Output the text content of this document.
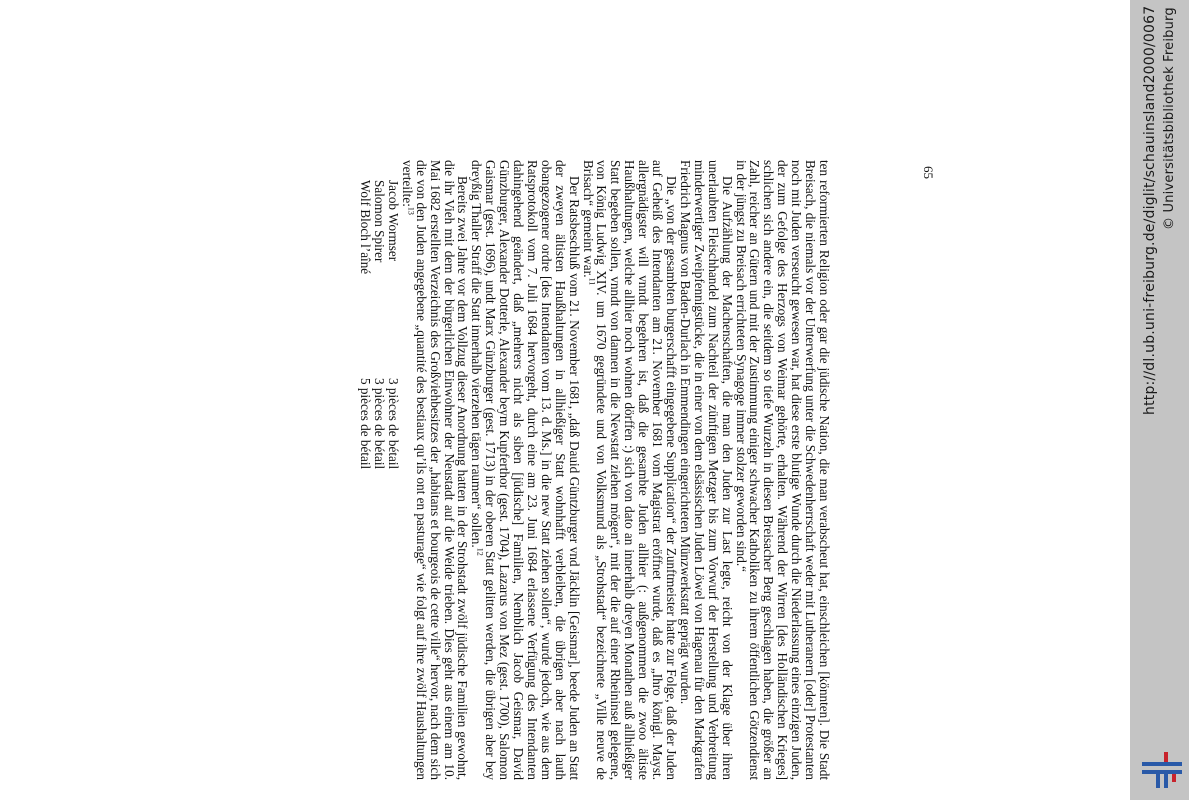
ten reformierten Religion oder gar die jüdische Nation, die man verabscheut hat, einschleichen [könnten]. Die Stadt Breisach, die niemals vor der Unterwerfung unter die Schwedenherrschaft weder mit Lutheranern [oder] Protestanten noch mit Juden verseucht gewesen war, hat diese erste blutige Wunde durch die Niederlassung eines einzigen Juden, der zum Gefolge des Herzogs von Weimar gehörte, erhalten. Während der Wirren [des Holländischen Krieges] schlichen sich andere ein, die seitdem so tiefe Wurzeln in diesen Breisacher Berg geschlagen haben, die größer an Zahl, reicher an Gütern und mit der Zustimmung einiger schwacher Katholiken zu ihrem öffentlichen Götzendienst in der jüngst zu Breisach errichteten Synagoge immer stolzer geworden sind.“

Die Aufzählung der Machenschaften, die man den Juden zur Last legte, reicht von der Klage über ihren unerlaubten Fleischhandel zum Nachteil der zünftigen Metzger bis zum Vorwurf der Herstellung und Verbreitung minderwertiger Zweipfennigstücke, die in einer von dem elsässischen Juden Löwel von Hagenau für den Markgrafen Friedrich Magnus von Baden-Durlach in Emmendingen eingerichteten Münzwerkstatt geprägt wurden.

Die „von der gesambten burgerschafft eingegebene Supplication“ der Zunftmeister hatte zur Folge, daß der Juden auf Geheiß des Intendanten am 21. November 1681 vom Magistrat eröffnet wurde, daß es „Ihro königl. Mayst. allergnädigster will vnndt begehren ist, daß die gesambte Juden allhier (: außgenommen die zwoo ältiste Haußhaltungen, welche allhier noch wohnen dörffen :) sich von dato an innerhalb dreyen Monathen auß allhießiger Statt begeben sollen, vnndt von dannen in die Newstatt ziehen mögen“, mit der die auf einer Rheininsel gelegene, von König Ludwig XIV. um 1670 gegründete und von Volksmund als „Strohstadt“ bezeichnete „Ville neuve de Brisach“ gemeint war.$^{11}$

Der Ratsbeschluß vom 21. November 1681, „daß Dauid Güntzburger vnd Jäcklin [Geismar], beede Juden an Statt der zweyen ältisten Haußhaltungen in allhießiger Statt wohnhafft verbleiben, die übrigen aber nach lauth obangezogener ordre [des Intendanten vom 13. d. Ms.] in die new Statt ziehen sollen“, wurde jedoch, wie aus dem Ratsprotokoll vom 7. Juli 1684 hervorgeht, durch eine am 23. Juni 1684 erlassene Verfügung des Intendanten dahingehend geändert, daß „mehrers nicht als siben [jüdische] Familien, Nemblich Jacob Geismar, David Günzburger, Alexander Dotterle, Alexander beym Kupferthor (gest. 1704), Lazarus von Mez (gest. 1700), Salomon Gaismar (gest. 1696), undt Marx Günzburger (gest. 1713) in der oberen Statt gelitten werden, die übrigen aber bey dreyßig Thaller Straff die Statt innerhalb vierzehen tägen raumen“ sollen.$^{12}$

Bereits zwei Jahre vor dem Vollzug dieser Anordnung hatten in der Strohstadt zwölf jüdische Familien gewohnt, die ihr Vieh mit dem der bürgerlichen Einwohner der Neustadt auf die Weide trieben. Dies geht aus einem am 10. Mai 1682 erstellten Verzeichnis des Großviehbesitzes der „habitans et bourgeois de cette ville“ hervor, nach dem sich die von den Juden angegebene „quantité des bestiaux qu’ils ont en pasturage“ wie folgt auf ihre zwölf Haushaltungen verteilte:$^{13}$

Jacob Wormser
3 pièces de bétail
Salomon Spirer
3 pièces de bétail
Wolf Bloch l’aîné
5 pièces de bétail
65	http://dl.ub.uni-freiburg.de/diglit/schauinsland2000/0067 © Universitätsbibliothek Freiburg
